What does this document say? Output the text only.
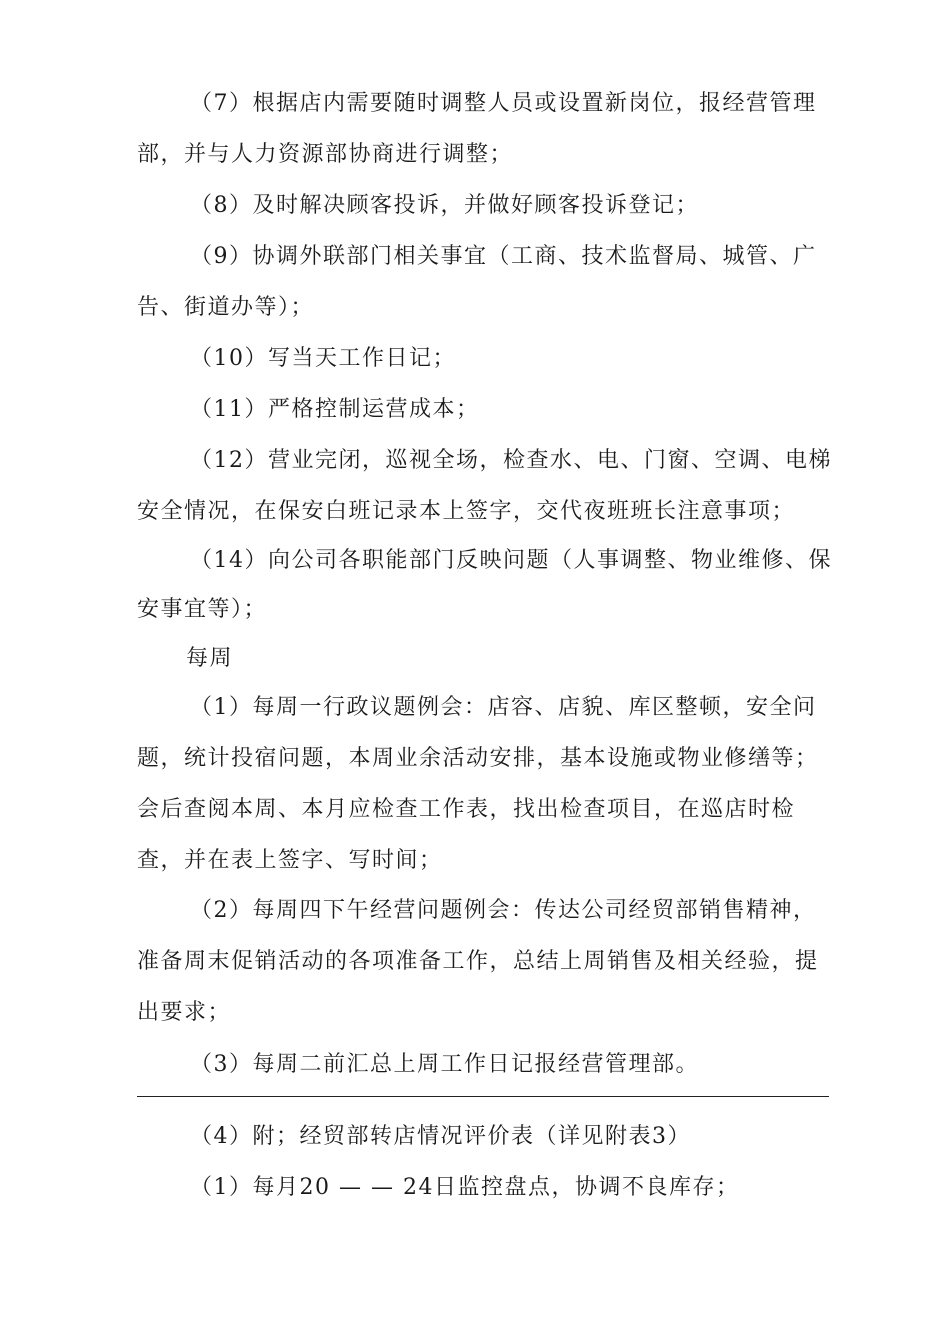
（7）根据店内需要随时调整人员或设置新岗位，报经营管理
部，并与人力资源部协商进行调整；
（8）及时解决顾客投诉，并做好顾客投诉登记；
（9）协调外联部门相关事宜（工商、技术监督局、城管、广
告、街道办等）；
（10）写当天工作日记；
（11）严格控制运营成本；
（12）营业完闭，巡视全场，检查水、电、门窗、空调、电梯
安全情况，在保安白班记录本上签字，交代夜班班长注意事项；
（14）向公司各职能部门反映问题（人事调整、物业维修、保
安事宜等）；
每周
（1）每周一行政议题例会：店容、店貌、库区整顿，安全问
题，统计投宿问题，本周业余活动安排，基本设施或物业修缮等；
会后查阅本周、本月应检查工作表，找出检查项目，在巡店时检
查，并在表上签字、写时间；
（2）每周四下午经营问题例会：传达公司经贸部销售精神，
准备周末促销活动的各项准备工作，总结上周销售及相关经验，提
出要求；
（3）每周二前汇总上周工作日记报经营管理部。
（4）附；经贸部转店情况评价表（详见附表3）
（1）每月20 — — 24日监控盘点，协调不良库存；
